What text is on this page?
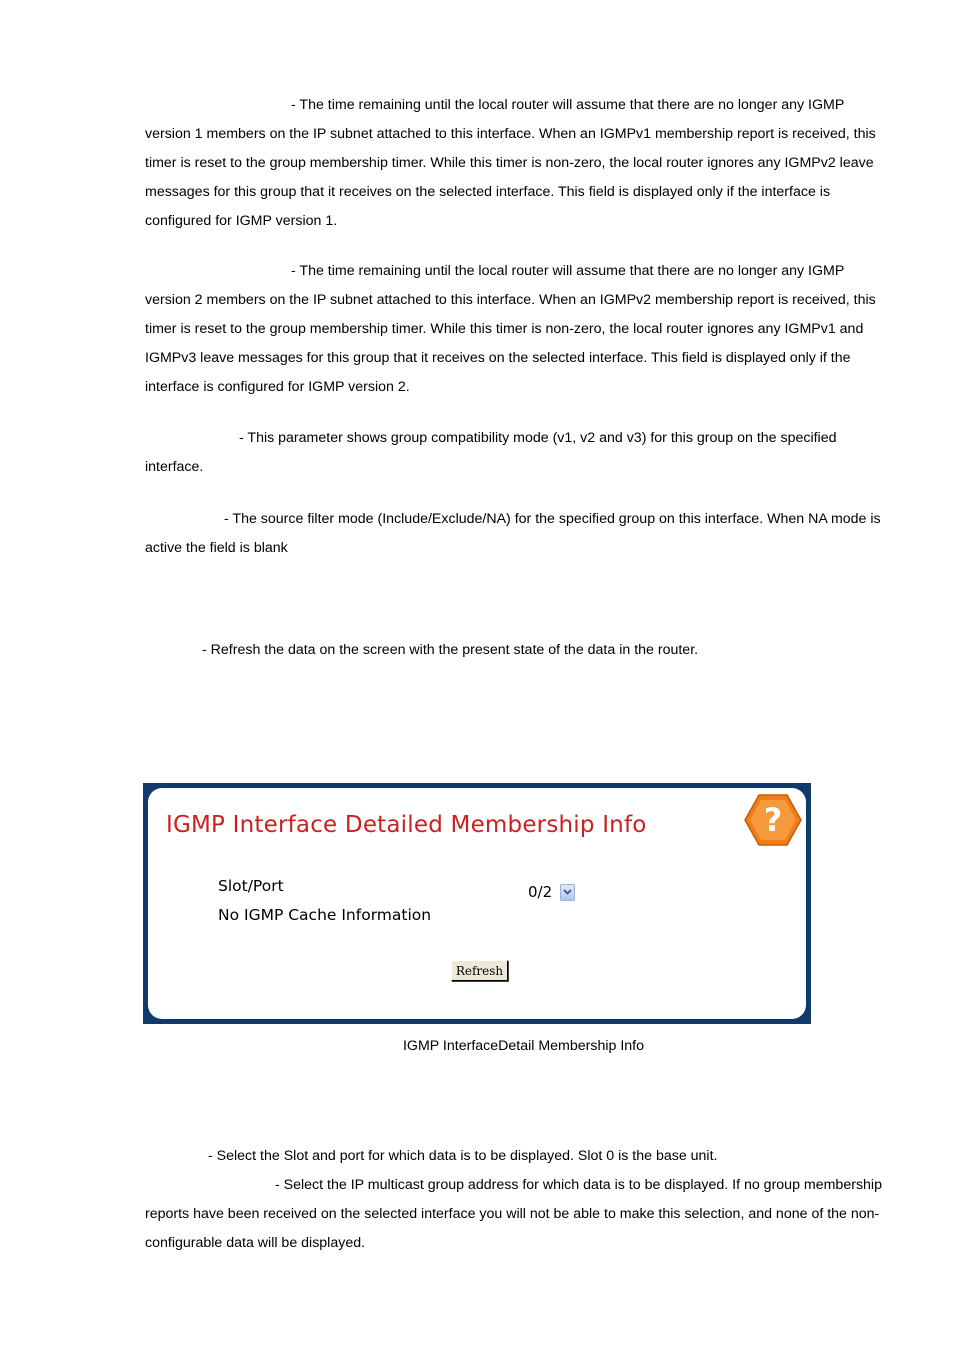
- The time remaining until the local router will assume that there are no longer any IGMP version 1 members on the IP subnet attached to this interface. When an IGMPv1 membership report is received, this timer is reset to the group membership timer. While this timer is non-zero, the local router ignores any IGMPv2 leave messages for this group that it receives on the selected interface. This field is displayed only if the interface is configured for IGMP version 1.
- The time remaining until the local router will assume that there are no longer any IGMP version 2 members on the IP subnet attached to this interface. When an IGMPv2 membership report is received, this timer is reset to the group membership timer. While this timer is non-zero, the local router ignores any IGMPv1 and IGMPv3 leave messages for this group that it receives on the selected interface. This field is displayed only if the interface is configured for IGMP version 2.
- This parameter shows group compatibility mode (v1, v2 and v3) for this group on the specified interface.
- The source filter mode (Include/Exclude/NA) for the specified group on this interface. When NA mode is active the field is blank
- Refresh the data on the screen with the present state of the data in the router.
IGMP Interface Detailed Membership Info	?
Slot/Port	0/2
No IGMP Cache Information
Refresh
IGMP InterfaceDetail Membership Info
- Select the Slot and port for which data is to be displayed. Slot 0 is the base unit.
- Select the IP multicast group address for which data is to be displayed. If no group membership reports have been received on the selected interface you will not be able to make this selection, and none of the non-configurable data will be displayed.
